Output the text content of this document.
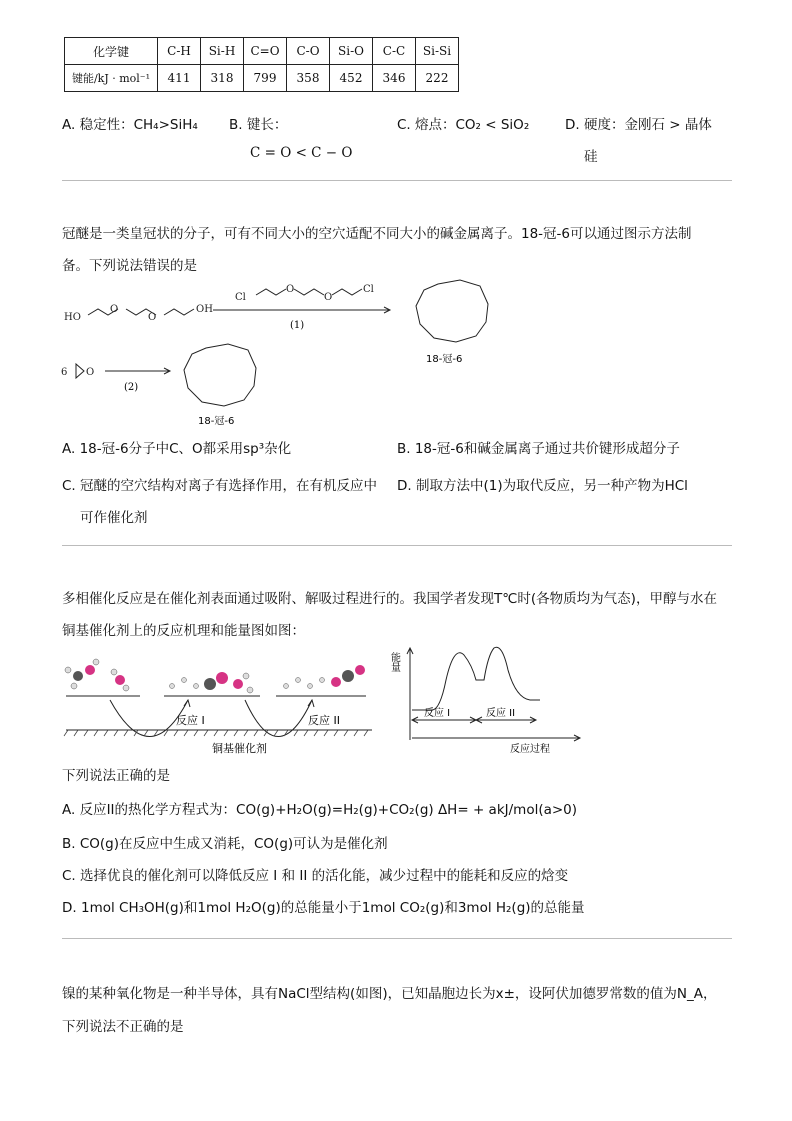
化学键	C-H	Si-H	C=O	C-O	Si-O	C-C	Si-Si
键能/kJ · mol⁻¹	411	318	799	358	452	346	222
A. 稳定性：CH₄>SiH₄ B. 键长：
C = O < C − O
C. 熔点：CO₂ < SiO₂	D. 硬度：金刚石 > 晶体
硅
冠醚是一类皇冠状的分子，可有不同大小的空穴适配不同大小的碱金属离子。18-冠-6可以通过图示方法制
备。下列说法错误的是
HO
O
O
OH
Cl
O
O
Cl
6 O
(1)
(2)
18-冠-6
18-冠-6
A. 18-冠-6分子中C、O都采用sp³杂化	B. 18-冠-6和碱金属离子通过共价键形成超分子
C. 冠醚的空穴结构对离子有选择作用，在有机反应中
可作催化剂
D. 制取方法中(1)为取代反应，另一种产物为HCl
多相催化反应是在催化剂表面通过吸附、解吸过程进行的。我国学者发现T℃时(各物质均为气态)，甲醇与水在
铜基催化剂上的反应机理和能量图如图：
反应 I	反应 II
铜基催化剂
能量
反应 I	反应 II
反应过程
下列说法正确的是
A. 反应II的热化学方程式为：CO(g)+H₂O(g)=H₂(g)+CO₂(g) ΔH= + akJ/mol(a>0)
B. CO(g)在反应中生成又消耗，CO(g)可认为是催化剂
C. 选择优良的催化剂可以降低反应 I 和 II 的活化能，减少过程中的能耗和反应的焓变
D. 1mol CH₃OH(g)和1mol H₂O(g)的总能量小于1mol CO₂(g)和3mol H₂(g)的总能量
镍的某种氧化物是一种半导体，具有NaCl型结构(如图)，已知晶胞边长为x±，设阿伏加德罗常数的值为N_A，
下列说法不正确的是
